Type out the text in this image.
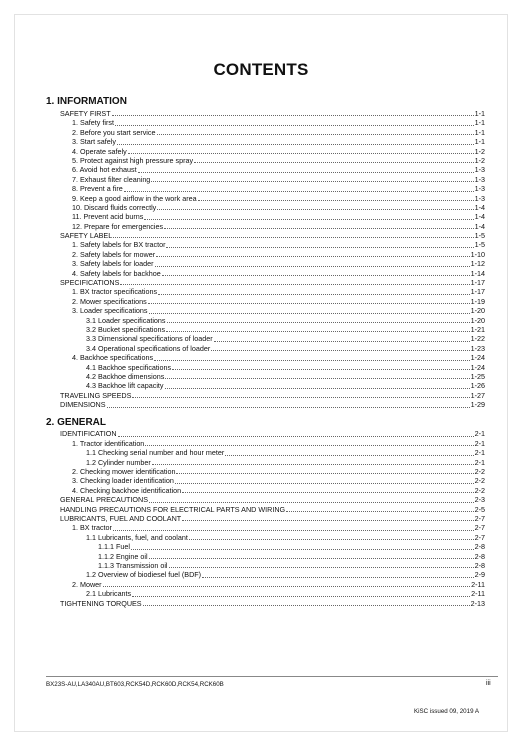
CONTENTS
1. INFORMATION
SAFETY FIRST	1-1
1. Safety first	1-1
2. Before you start service	1-1
3. Start safely	1-1
4. Operate safely	1-2
5. Protect against high pressure spray	1-2
6. Avoid hot exhaust	1-3
7. Exhaust filter cleaning	1-3
8. Prevent a fire	1-3
9. Keep a good airflow in the work area	1-3
10. Discard fluids correctly	1-4
11. Prevent acid burns	1-4
12. Prepare for emergencies	1-4
SAFETY LABEL	1-5
1. Safety labels for BX tractor	1-5
2. Safety labels for mower	1-10
3. Safety labels for loader	1-12
4. Safety labels for backhoe	1-14
SPECIFICATIONS	1-17
1. BX tractor specifications	1-17
2. Mower specifications	1-19
3. Loader specifications	1-20
3.1 Loader specifications	1-20
3.2 Bucket specifications	1-21
3.3 Dimensional specifications of loader	1-22
3.4 Operational specifications of loader	1-23
4. Backhoe specifications	1-24
4.1 Backhoe specifications	1-24
4.2 Backhoe dimensions	1-25
4.3 Backhoe lift capacity	1-26
TRAVELING SPEEDS	1-27
DIMENSIONS	1-29
2. GENERAL
IDENTIFICATION	2-1
1. Tractor identification	2-1
1.1 Checking serial number and hour meter	2-1
1.2 Cylinder number	2-1
2. Checking mower identification	2-2
3. Checking loader identification	2-2
4. Checking backhoe identification	2-2
GENERAL PRECAUTIONS	2-3
HANDLING PRECAUTIONS FOR ELECTRICAL PARTS AND WIRING	2-5
LUBRICANTS, FUEL AND COOLANT	2-7
1. BX tractor	2-7
1.1 Lubricants, fuel, and coolant	2-7
1.1.1 Fuel	2-8
1.1.2 Engine oil	2-8
1.1.3 Transmission oil	2-8
1.2 Overview of biodiesel fuel (BDF)	2-9
2. Mower	2-11
2.1 Lubricants	2-11
TIGHTENING TORQUES	2-13
BX23S-AU,LA340AU,BT603,RCK54D,RCK60D,RCK54,RCK60B	iii
KiSC issued 09, 2019 A
